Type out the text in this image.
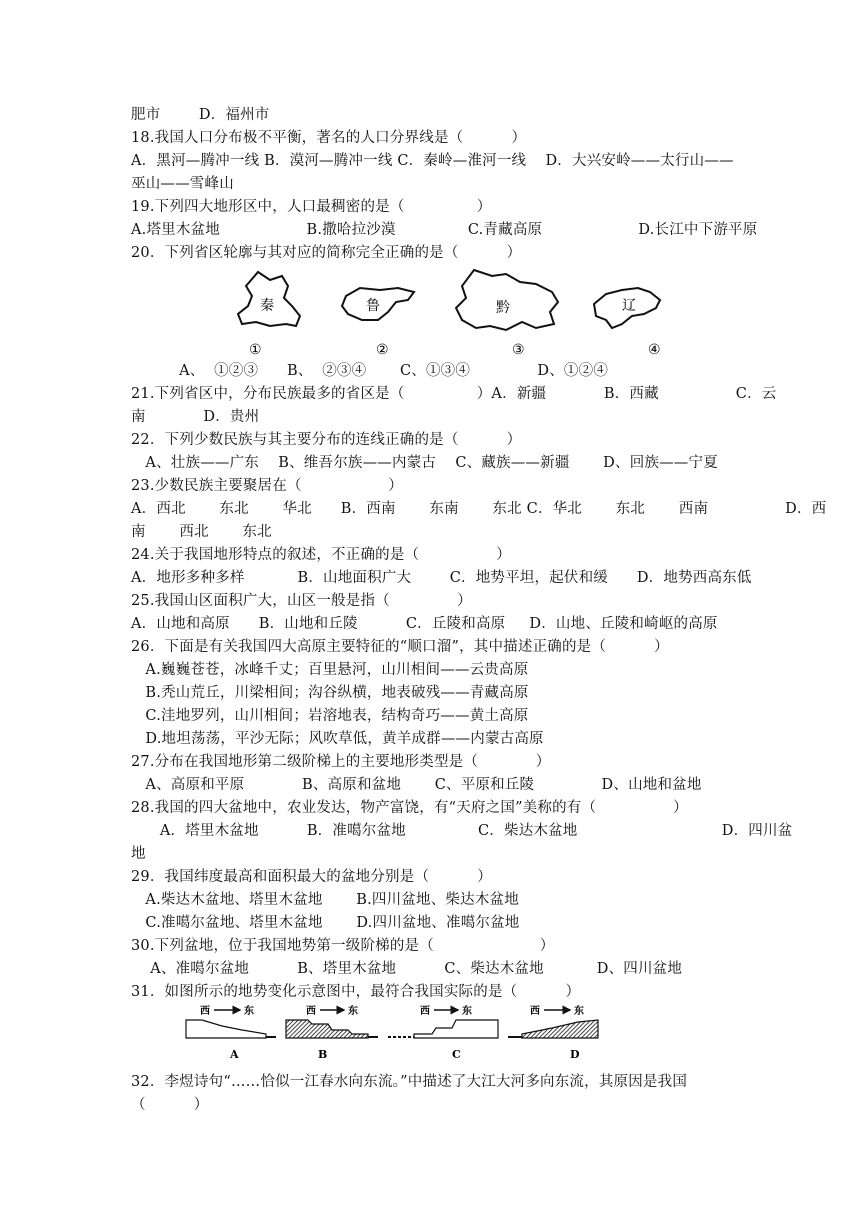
肥市        D．福州市
18.我国人口分布极不平衡，著名的人口分界线是（          ）
A．黑河—腾冲一线 B．漠河—腾冲一线 C．秦岭—淮河一线    D．大兴安岭——太行山——
巫山——雪峰山
19.下列四大地形区中，人口最稠密的是（               ）
A.塔里木盆地                  B.撒哈拉沙漠               C.青藏高原                    D.长江中下游平原
20．下列省区轮廓与其对应的简称完全正确的是（          ）
秦	鲁	黔	辽
①	②	③	④
A、  ①②③      B、  ②③④       C、①③④              D、①②④
21.下列省区中，分布民族最多的省区是（               ）A．新疆            B．西藏                C．云
南            D．贵州
22．下列少数民族与其主要分布的连线正确的是（          ）
A、壮族——广东    B、维吾尔族——内蒙古    C、藏族——新疆       D、回族——宁夏
23.少数民族主要聚居在（                  ）
A．西北       东北       华北      B．西南       东南       东北 C．华北       东北       西南                D．西
南       西北       东北
24.关于我国地形特点的叙述，不正确的是（                ）
A．地形多种多样           B．山地面积广大        C．地势平坦，起伏和缓      D．地势西高东低
25.我国山区面积广大，山区一般是指（              ）
A．山地和高原      B．山地和丘陵          C．丘陵和高原     D．山地、丘陵和崎岖的高原
26．下面是有关我国四大高原主要特征的“顺口溜”，其中描述正确的是（          ）
A.巍巍苍苍，冰峰千丈；百里悬河，山川相间——云贵高原
B.秃山荒丘，川梁相间；沟谷纵横，地表破残——青藏高原
C.洼地罗列，山川相间；岩溶地表，结构奇巧——黄土高原
D.地坦荡荡，平沙无际；风吹草低，黄羊成群——内蒙古高原
27.分布在我国地形第二级阶梯上的主要地形类型是（            ）
A、高原和平原            B、高原和盆地       C、平原和丘陵              D、山地和盆地
28.我国的四大盆地中，农业发达，物产富饶，有“天府之国”美称的有（                ）
A．塔里木盆地          B．准噶尔盆地               C．柴达木盆地                              D．四川盆
地
29．我国纬度最高和面积最大的盆地分别是（          ）
A.柴达木盆地、塔里木盆地       B.四川盆地、柴达木盆地
C.准噶尔盆地、塔里木盆地       D.四川盆地、准噶尔盆地
30.下列盆地，位于我国地势第一级阶梯的是（                      ）
A、准噶尔盆地          B、塔里木盆地          C、柴达木盆地           D、四川盆地
31．如图所示的地势变化示意图中，最符合我国实际的是（          ）
西	东
A
西	东
B
西	东
C
西	东
D
32．李煜诗句“……恰似一江春水向东流。”中描述了大江大河多向东流，其原因是我国
（          ）
